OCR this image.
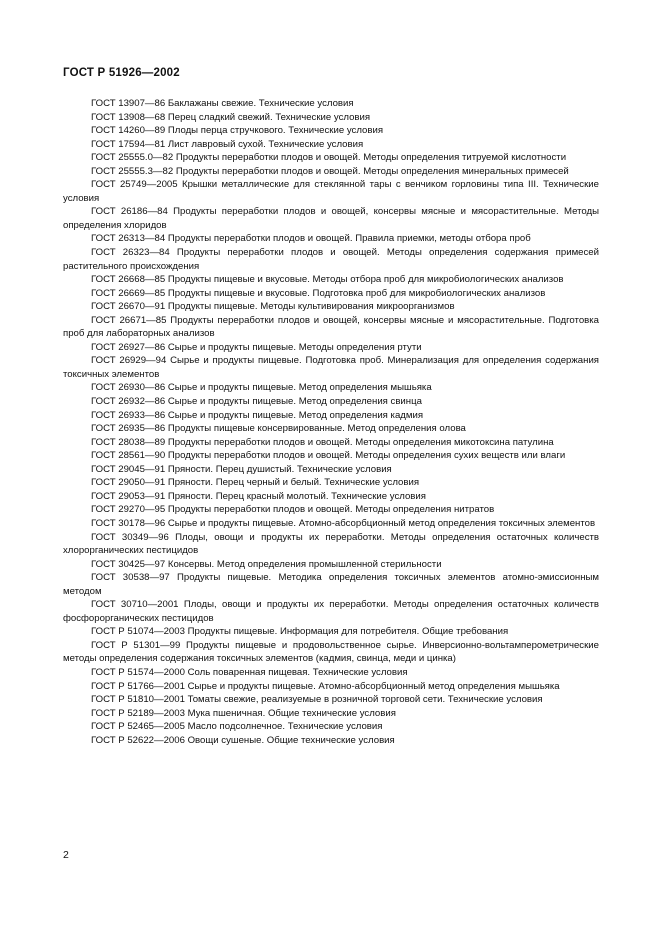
ГОСТ Р 51926—2002
ГОСТ 13907—86 Баклажаны свежие. Технические условия
ГОСТ 13908—68 Перец сладкий свежий. Технические условия
ГОСТ 14260—89 Плоды перца стручкового. Технические условия
ГОСТ 17594—81 Лист лавровый сухой. Технические условия
ГОСТ 25555.0—82 Продукты переработки плодов и овощей. Методы определения титруемой кислотности
ГОСТ 25555.3—82 Продукты переработки плодов и овощей. Методы определения минеральных примесей
ГОСТ 25749—2005 Крышки металлические для стеклянной тары с венчиком горловины типа III. Технические условия
ГОСТ 26186—84 Продукты переработки плодов и овощей, консервы мясные и мясорастительные. Методы определения хлоридов
ГОСТ 26313—84 Продукты переработки плодов и овощей. Правила приемки, методы отбора проб
ГОСТ 26323—84 Продукты переработки плодов и овощей. Методы определения содержания примесей растительного происхождения
ГОСТ 26668—85 Продукты пищевые и вкусовые. Методы отбора проб для микробиологических анализов
ГОСТ 26669—85 Продукты пищевые и вкусовые. Подготовка проб для микробиологических анализов
ГОСТ 26670—91 Продукты пищевые. Методы культивирования микроорганизмов
ГОСТ 26671—85 Продукты переработки плодов и овощей, консервы мясные и мясорастительные. Подготовка проб для лабораторных анализов
ГОСТ 26927—86 Сырье и продукты пищевые. Методы определения ртути
ГОСТ 26929—94 Сырье и продукты пищевые. Подготовка проб. Минерализация для определения содержания токсичных элементов
ГОСТ 26930—86 Сырье и продукты пищевые. Метод определения мышьяка
ГОСТ 26932—86 Сырье и продукты пищевые. Метод определения свинца
ГОСТ 26933—86 Сырье и продукты пищевые. Метод определения кадмия
ГОСТ 26935—86 Продукты пищевые консервированные. Метод определения олова
ГОСТ 28038—89 Продукты переработки плодов и овощей. Методы определения микотоксина патулина
ГОСТ 28561—90 Продукты переработки плодов и овощей. Методы определения сухих веществ или влаги
ГОСТ 29045—91 Пряности. Перец душистый. Технические условия
ГОСТ 29050—91 Пряности. Перец черный и белый. Технические условия
ГОСТ 29053—91 Пряности. Перец красный молотый. Технические условия
ГОСТ 29270—95 Продукты переработки плодов и овощей. Методы определения нитратов
ГОСТ 30178—96 Сырье и продукты пищевые. Атомно-абсорбционный метод определения токсичных элементов
ГОСТ 30349—96 Плоды, овощи и продукты их переработки. Методы определения остаточных количеств хлорорганических пестицидов
ГОСТ 30425—97 Консервы. Метод определения промышленной стерильности
ГОСТ 30538—97 Продукты пищевые. Методика определения токсичных элементов атомно-эмиссионным методом
ГОСТ 30710—2001 Плоды, овощи и продукты их переработки. Методы определения остаточных количеств фосфорорганических пестицидов
ГОСТ Р 51074—2003 Продукты пищевые. Информация для потребителя. Общие требования
ГОСТ Р 51301—99 Продукты пищевые и продовольственное сырье. Инверсионно-вольтамперометрические методы определения содержания токсичных элементов (кадмия, свинца, меди и цинка)
ГОСТ Р 51574—2000 Соль поваренная пищевая. Технические условия
ГОСТ Р 51766—2001 Сырье и продукты пищевые. Атомно-абсорбционный метод определения мышьяка
ГОСТ Р 51810—2001 Томаты свежие, реализуемые в розничной торговой сети. Технические условия
ГОСТ Р 52189—2003 Мука пшеничная. Общие технические условия
ГОСТ Р 52465—2005 Масло подсолнечное. Технические условия
ГОСТ Р 52622—2006 Овощи сушеные. Общие технические условия
2
